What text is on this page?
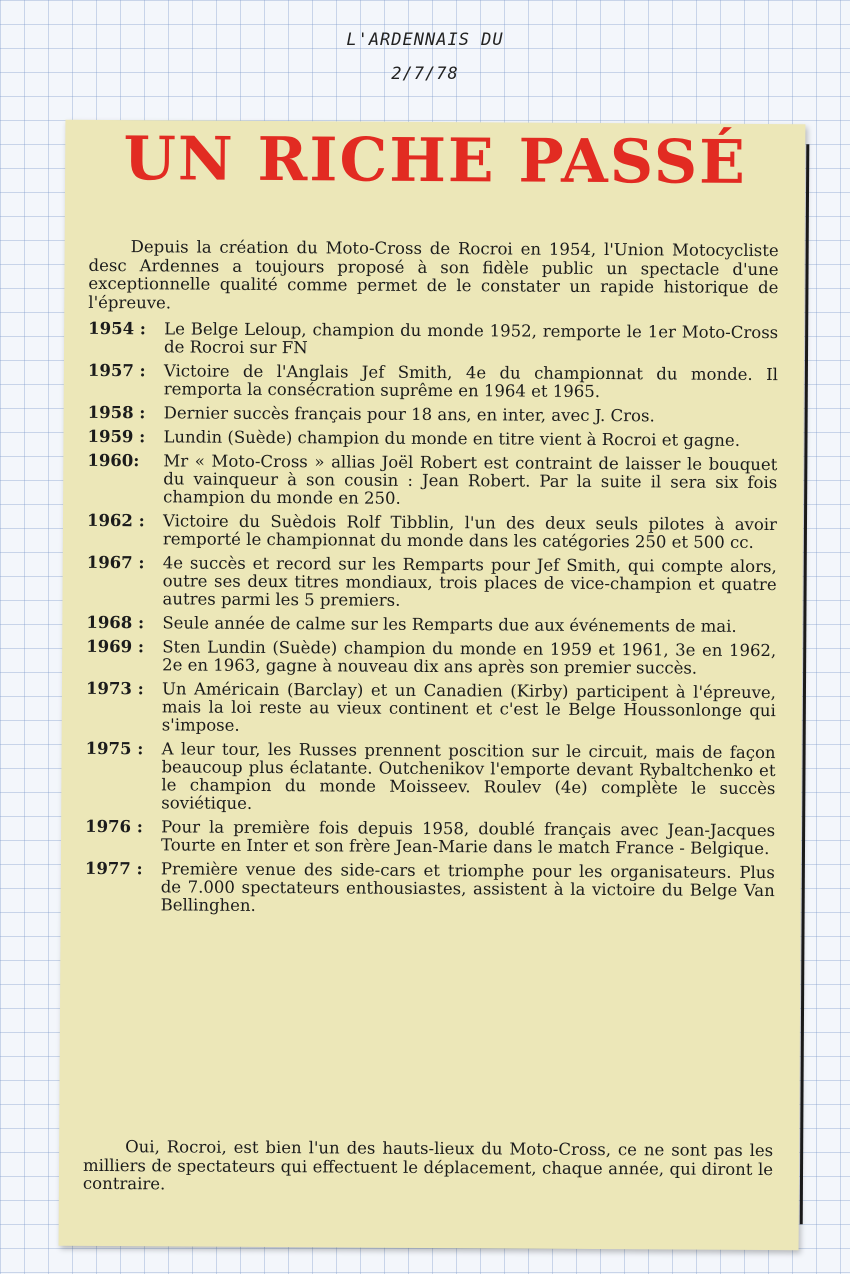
L'ARDENNAIS DU
2/7/78
UN RICHE PASSÉ

Depuis la création du Moto-Cross de Rocroi en 1954, l'Union Motocycliste desc Ardennes a toujours proposé à son fidèle public un spectacle d'une exceptionnelle qualité comme permet de le constater un rapide historique de l'épreuve.

1954 :	Le Belge Leloup, champion du monde 1952, remporte le 1er Moto-Cross de Rocroi sur FN
1957 :	Victoire de l'Anglais Jef Smith, 4e du championnat du monde. Il remporta la consécration suprême en 1964 et 1965.
1958 :	Dernier succès français pour 18 ans, en inter, avec J. Cros.
1959 :	Lundin (Suède) champion du monde en titre vient à Rocroi et gagne.
1960:	Mr « Moto-Cross » allias Joël Robert est contraint de laisser le bouquet du vainqueur à son cousin : Jean Robert. Par la suite il sera six fois champion du monde en 250.
1962 :	Victoire du Suèdois Rolf Tibblin, l'un des deux seuls pilotes à avoir remporté le championnat du monde dans les catégories 250 et 500 cc.
1967 :	4e succès et record sur les Remparts pour Jef Smith, qui compte alors, outre ses deux titres mondiaux, trois places de vice-champion et quatre autres parmi les 5 premiers.
1968 :	Seule année de calme sur les Remparts due aux événements de mai.
1969 :	Sten Lundin (Suède) champion du monde en 1959 et 1961, 3e en 1962, 2e en 1963, gagne à nouveau dix ans après son premier succès.
1973 :	Un Américain (Barclay) et un Canadien (Kirby) participent à l'épreuve, mais la loi reste au vieux continent et c'est le Belge Houssonlonge qui s'impose.
1975 :	A leur tour, les Russes prennent poscition sur le circuit, mais de façon beaucoup plus éclatante. Outchenikov l'emporte devant Rybaltchenko et le champion du monde Moisseev. Roulev (4e) complète le succès soviétique.
1976 :	Pour la première fois depuis 1958, doublé français avec Jean-Jacques Tourte en Inter et son frère Jean-Marie dans le match France - Belgique.
1977 :	Première venue des side-cars et triomphe pour les organisateurs. Plus de 7.000 spectateurs enthousiastes, assistent à la victoire du Belge Van Bellinghen.

Oui, Rocroi, est bien l'un des hauts-lieux du Moto-Cross, ce ne sont pas les milliers de spectateurs qui effectuent le déplacement, chaque année, qui diront le contraire.
